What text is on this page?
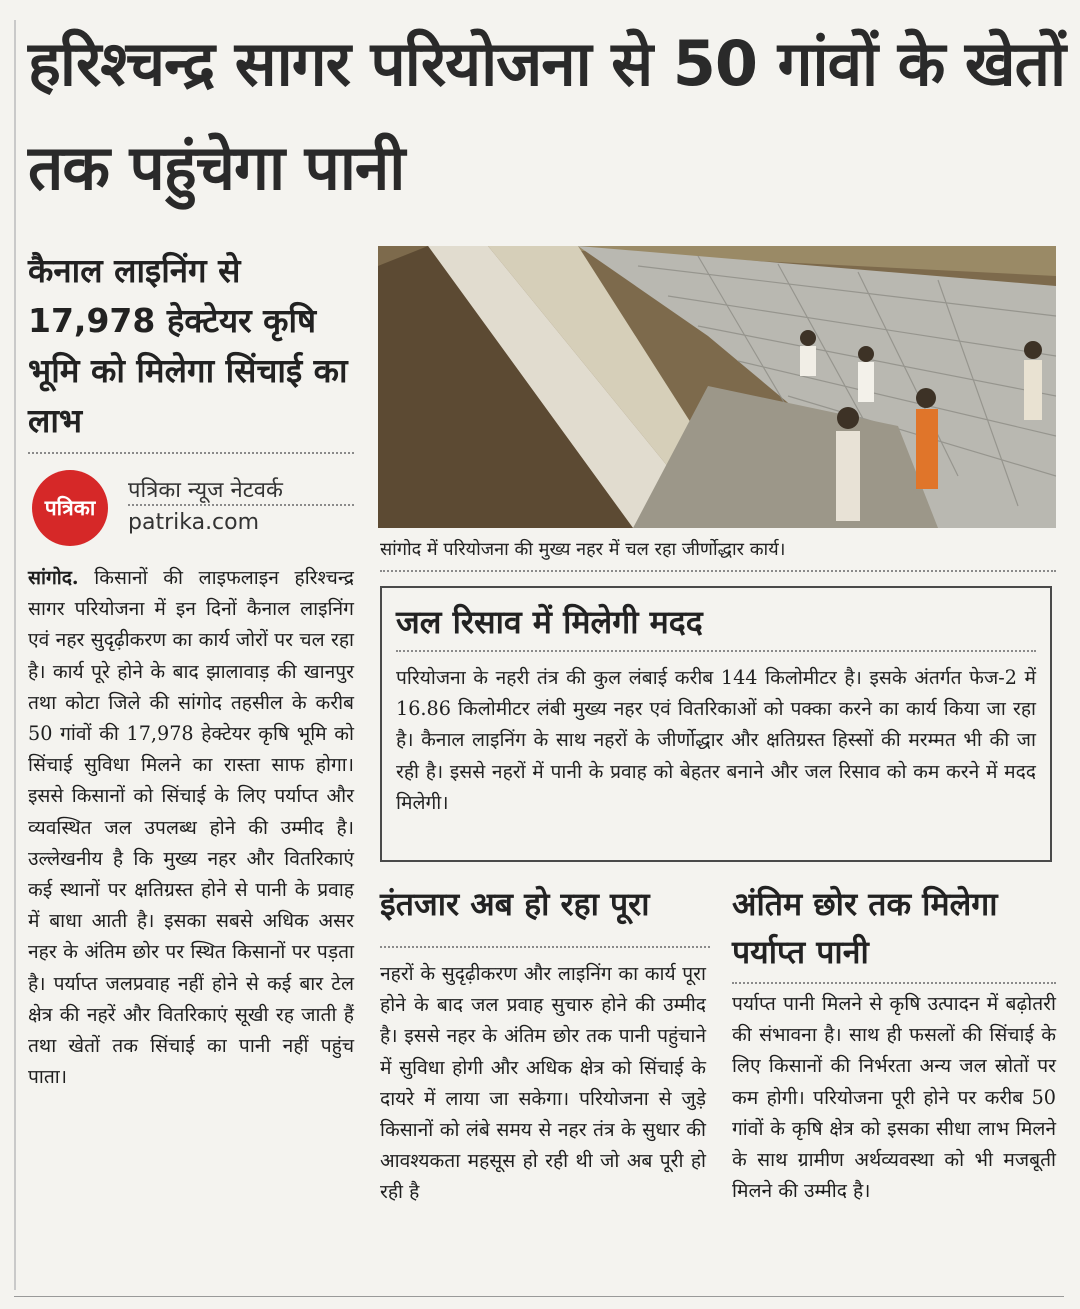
हरिश्चन्द्र सागर परियोजना से 50 गांवों के खेतों तक पहुंचेगा पानी
कैनाल लाइनिंग से 17,978 हेक्टेयर कृषि भूमि को मिलेगा सिंचाई का लाभ
पत्रिका
पत्रिका न्यूज नेटवर्क
patrika.com

सांगोद. किसानों की लाइफलाइन हरिश्चन्द्र सागर परियोजना में इन दिनों कैनाल लाइनिंग एवं नहर सुदृढ़ीकरण का कार्य जोरों पर चल रहा है। कार्य पूरे होने के बाद झालावाड़ की खानपुर तथा कोटा जिले की सांगोद तहसील के करीब 50 गांवों की 17,978 हेक्टेयर कृषि भूमि को सिंचाई सुविधा मिलने का रास्ता साफ होगा। इससे किसानों को सिंचाई के लिए पर्याप्त और व्यवस्थित जल उपलब्ध होने की उम्मीद है। उल्लेखनीय है कि मुख्य नहर और वितरिकाएं कई स्थानों पर क्षतिग्रस्त होने से पानी के प्रवाह में बाधा आती है। इसका सबसे अधिक असर नहर के अंतिम छोर पर स्थित किसानों पर पड़ता है। पर्याप्त जलप्रवाह नहीं होने से कई बार टेल क्षेत्र की नहरें और वितरिकाएं सूखी रह जाती हैं तथा खेतों तक सिंचाई का पानी नहीं पहुंच पाता।

सांगोद में परियोजना की मुख्य नहर में चल रहा जीर्णोद्धार कार्य।

जल रिसाव में मिलेगी मदद

परियोजना के नहरी तंत्र की कुल लंबाई करीब 144 किलोमीटर है। इसके अंतर्गत फेज-2 में 16.86 किलोमीटर लंबी मुख्य नहर एवं वितरिकाओं को पक्का करने का कार्य किया जा रहा है। कैनाल लाइनिंग के साथ नहरों के जीर्णोद्धार और क्षतिग्रस्त हिस्सों की मरम्मत भी की जा रही है। इससे नहरों में पानी के प्रवाह को बेहतर बनाने और जल रिसाव को कम करने में मदद मिलेगी।

इंतजार अब हो रहा पूरा

नहरों के सुदृढ़ीकरण और लाइनिंग का कार्य पूरा होने के बाद जल प्रवाह सुचारु होने की उम्मीद है। इससे नहर के अंतिम छोर तक पानी पहुंचाने में सुविधा होगी और अधिक क्षेत्र को सिंचाई के दायरे में लाया जा सकेगा। परियोजना से जुड़े किसानों को लंबे समय से नहर तंत्र के सुधार की आवश्यकता महसूस हो रही थी जो अब पूरी हो रही है

अंतिम छोर तक मिलेगा पर्याप्त पानी

पर्याप्त पानी मिलने से कृषि उत्पादन में बढ़ोतरी की संभावना है। साथ ही फसलों की सिंचाई के लिए किसानों की निर्भरता अन्य जल स्रोतों पर कम होगी। परियोजना पूरी होने पर करीब 50 गांवों के कृषि क्षेत्र को इसका सीधा लाभ मिलने के साथ ग्रामीण अर्थव्यवस्था को भी मजबूती मिलने की उम्मीद है।
